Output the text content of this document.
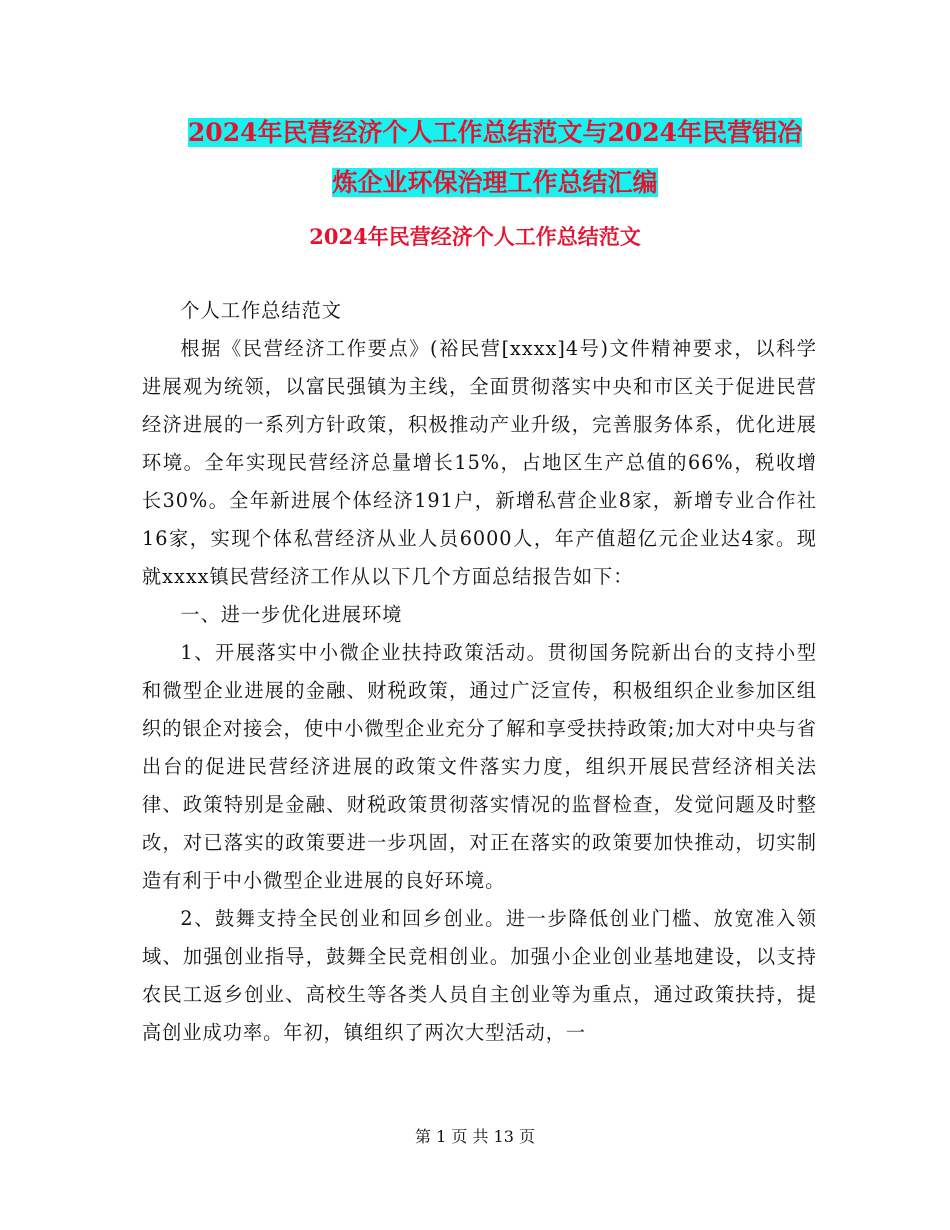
2024年民营经济个人工作总结范文与2024年民营铝冶
炼企业环保治理工作总结汇编
2024年民营经济个人工作总结范文

个人工作总结范文

根据《民营经济工作要点》(裕民营[xxxx]4号)文件精神要求，以科学进展观为统领，以富民强镇为主线，全面贯彻落实中央和市区关于促进民营经济进展的一系列方针政策，积极推动产业升级，完善服务体系，优化进展环境。全年实现民营经济总量增长15%，占地区生产总值的66%，税收增长30%。全年新进展个体经济191户，新增私营企业8家，新增专业合作社16家，实现个体私营经济从业人员6000人，年产值超亿元企业达4家。现就xxxx镇民营经济工作从以下几个方面总结报告如下：

一、进一步优化进展环境

1、开展落实中小微企业扶持政策活动。贯彻国务院新出台的支持小型和微型企业进展的金融、财税政策，通过广泛宣传，积极组织企业参加区组织的银企对接会，使中小微型企业充分了解和享受扶持政策;加大对中央与省出台的促进民营经济进展的政策文件落实力度，组织开展民营经济相关法律、政策特别是金融、财税政策贯彻落实情况的监督检查，发觉问题及时整改，对已落实的政策要进一步巩固，对正在落实的政策要加快推动，切实制造有利于中小微型企业进展的良好环境。

2、鼓舞支持全民创业和回乡创业。进一步降低创业门槛、放宽准入领域、加强创业指导，鼓舞全民竞相创业。加强小企业创业基地建设，以支持农民工返乡创业、高校生等各类人员自主创业等为重点，通过政策扶持，提高创业成功率。年初，镇组织了两次大型活动，一

第 1 页 共 13 页
